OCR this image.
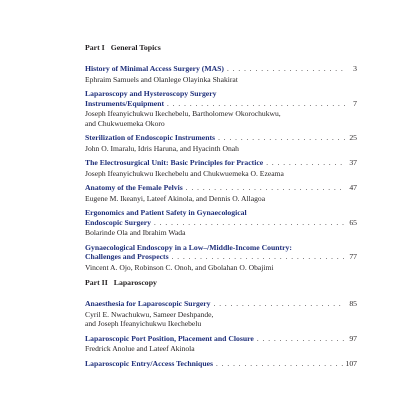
Part I General Topics
History of Minimal Access Surgery (MAS) . . .	3
Ephraim Samuels and Olanlege Olayinka Shakirat
Laparoscopy and Hysteroscopy Surgery
Instruments/Equipment . . .	7
Joseph Ifeanyichukwu Ikechebelu, Bartholomew Okorochukwu,
and Chukwuemeka Okoro
Sterilization of Endoscopic Instruments . . .	25
John O. Imaralu, Idris Haruna, and Hyacinth Onah
The Electrosurgical Unit: Basic Principles for Practice . . .	37
Joseph Ifeanyichukwu Ikechebelu and Chukwuemeka O. Ezeama
Anatomy of the Female Pelvis . . .	47
Eugene M. Ikeanyi, Lateef Akinola, and Dennis O. Allagoa
Ergonomics and Patient Safety in Gynaecological
Endoscopic Surgery . . .	65
Bolarinde Ola and Ibrahim Wada
Gynaecological Endoscopy in a Low–/Middle-Income Country:
Challenges and Prospects . . .	77
Vincent A. Ojo, Robinson C. Onoh, and Gbolahan O. Obajimi
Part II Laparoscopy
Anaesthesia for Laparoscopic Surgery . . .	85
Cyril E. Nwachukwu, Sameer Deshpande,
and Joseph Ifeanyichukwu Ikechebelu
Laparoscopic Port Position, Placement and Closure . . .	97
Fredrick Anolue and Lateef Akinola
Laparoscopic Entry/Access Techniques . . .	107
